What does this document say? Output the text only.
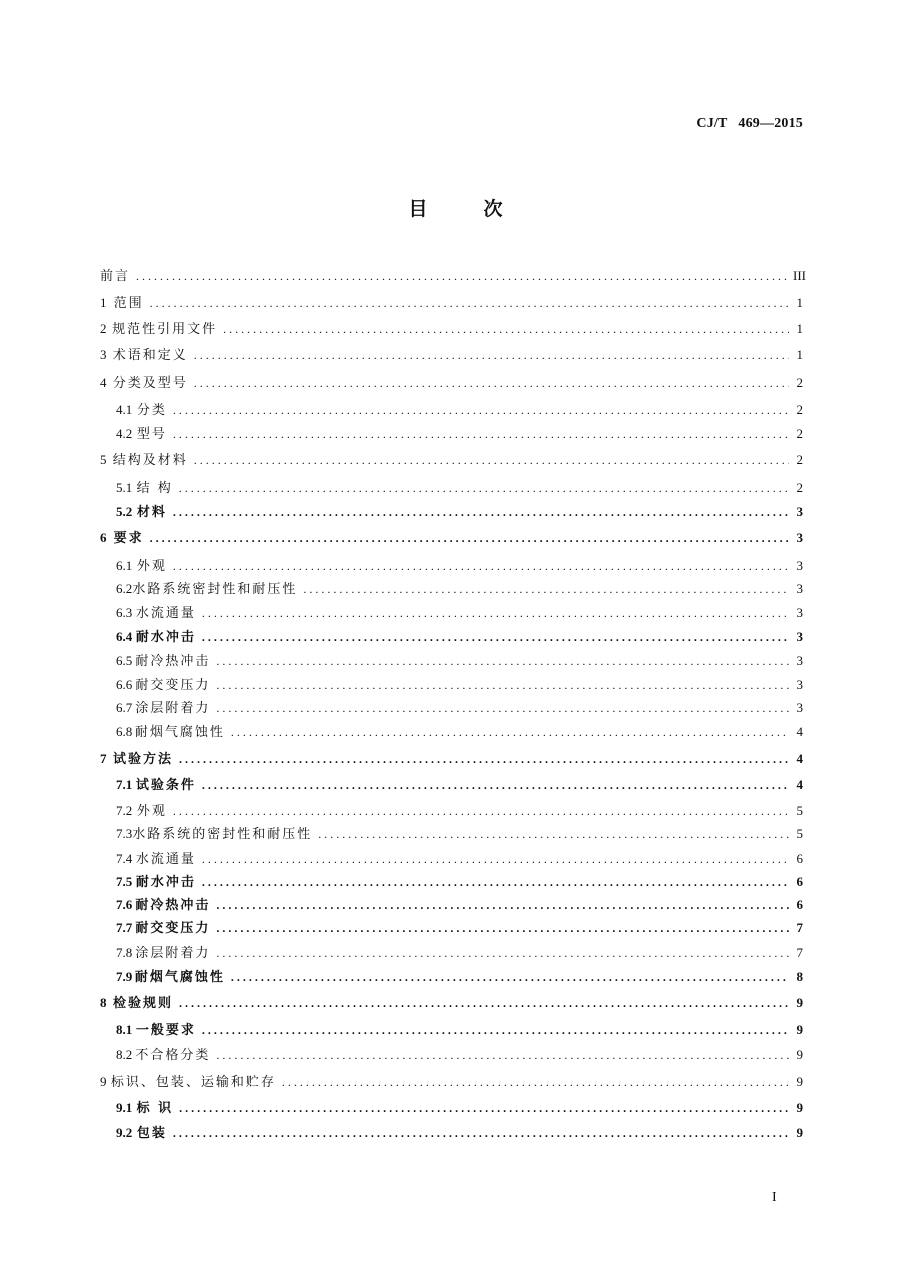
CJ/T   469—2015
目次
前言 . . .	III
1 范围 . . .	1
2 规范性引用文件 . . .	1
3 术语和定义 . . .	1
4 分类及型号 . . .	2
4.1 分类 . . .	2
4.2 型号 . . .	2
5 结构及材料 . . .	2
5.1 结 构 . . .	2
5.2 材料 . . .	3
6 要求 . . .	3
6.1 外观 . . .	3
6.2 水路系统密封性和耐压性 . . .	3
6.3 水流通量 . . .	3
6.4 耐水冲击 . . .	3
6.5 耐冷热冲击 . . .	3
6.6 耐交变压力 . . .	3
6.7 涂层附着力 . . .	3
6.8 耐烟气腐蚀性 . . .	4
7 试验方法 . . .	4
7.1 试验条件 . . .	4
7.2 外观 . . .	5
7.3 水路系统的密封性和耐压性 . . .	5
7.4 水流通量 . . .	6
7.5 耐水冲击 . . .	6
7.6 耐冷热冲击 . . .	6
7.7 耐交变压力 . . .	7
7.8 涂层附着力 . . .	7
7.9 耐烟气腐蚀性 . . .	8
8 检验规则 . . .	9
8.1 一般要求 . . .	9
8.2 不合格分类 . . .	9
9 标识、包装、运输和贮存 . . .	9
9.1 标 识 . . .	9
9.2 包装 . . .	9
I
